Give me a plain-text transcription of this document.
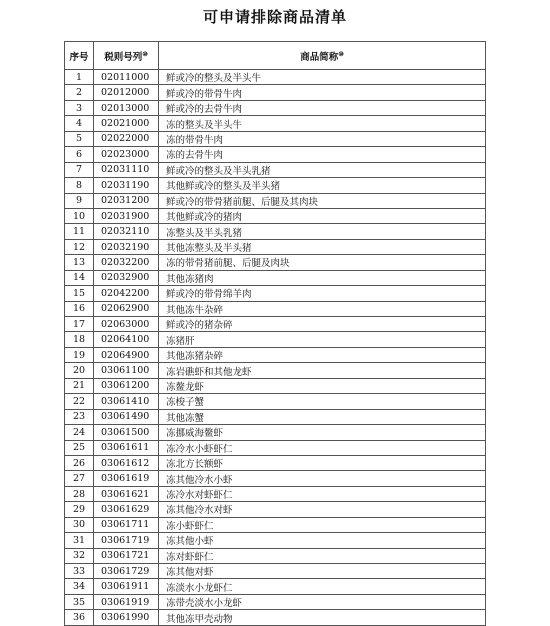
可申请排除商品清单
序号	税则号列⑩	商品简称⑩
1	02011000	鲜或冷的整头及半头牛
2	02012000	鲜或冷的带骨牛肉
3	02013000	鲜或冷的去骨牛肉
4	02021000	冻的整头及半头牛
5	02022000	冻的带骨牛肉
6	02023000	冻的去骨牛肉
7	02031110	鲜或冷的整头及半头乳猪
8	02031190	其他鲜或冷的整头及半头猪
9	02031200	鲜或冷的带骨猪前腿、后腿及其肉块
10	02031900	其他鲜或冷的猪肉
11	02032110	冻整头及半头乳猪
12	02032190	其他冻整头及半头猪
13	02032200	冻的带骨猪前腿、后腿及肉块
14	02032900	其他冻猪肉
15	02042200	鲜或冷的带骨绵羊肉
16	02062900	其他冻牛杂碎
17	02063000	鲜或冷的猪杂碎
18	02064100	冻猪肝
19	02064900	其他冻猪杂碎
20	03061100	冻岩礁虾和其他龙虾
21	03061200	冻鳌龙虾
22	03061410	冻梭子蟹
23	03061490	其他冻蟹
24	03061500	冻挪威海鳌虾
25	03061611	冻冷水小虾虾仁
26	03061612	冻北方长额虾
27	03061619	冻其他冷水小虾
28	03061621	冻冷水对虾虾仁
29	03061629	冻其他冷水对虾
30	03061711	冻小虾虾仁
31	03061719	冻其他小虾
32	03061721	冻对虾虾仁
33	03061729	冻其他对虾
34	03061911	冻淡水小龙虾仁
35	03061919	冻带壳淡水小龙虾
36	03061990	其他冻甲壳动物
